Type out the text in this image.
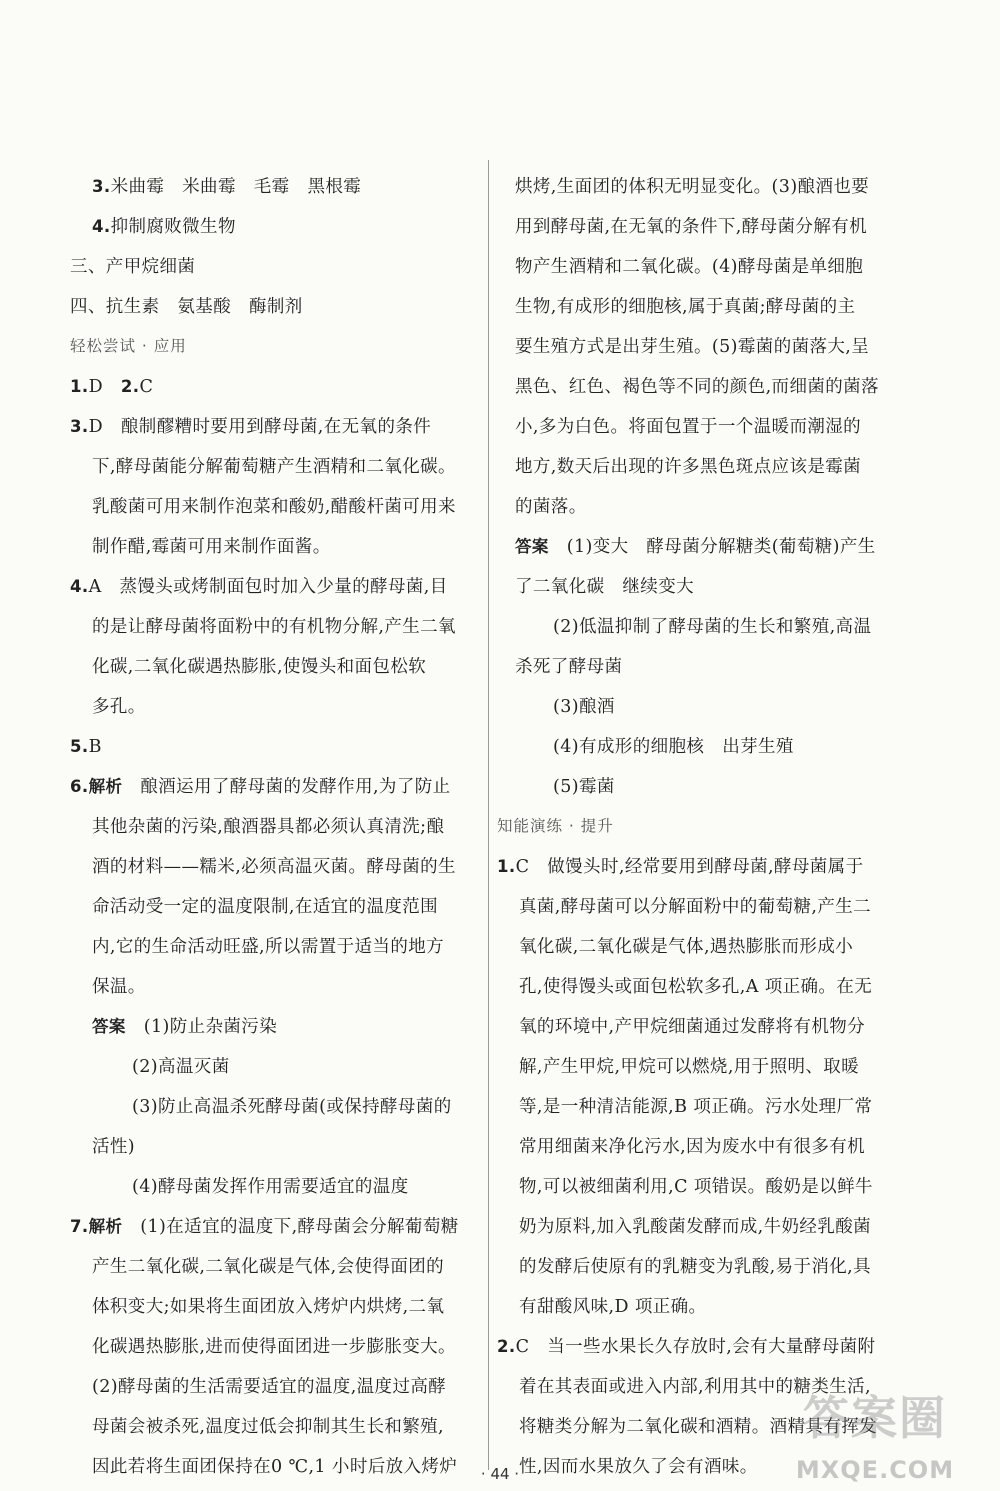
3.米曲霉　米曲霉　毛霉　黑根霉
4.抑制腐败微生物
三、产甲烷细菌
四、抗生素　氨基酸　酶制剂
轻松尝试 · 应用
1.D　2.C
3.D　酿制醪糟时要用到酵母菌,在无氧的条件
下,酵母菌能分解葡萄糖产生酒精和二氧化碳。
乳酸菌可用来制作泡菜和酸奶,醋酸杆菌可用来
制作醋,霉菌可用来制作面酱。
4.A　蒸馒头或烤制面包时加入少量的酵母菌,目
的是让酵母菌将面粉中的有机物分解,产生二氧
化碳,二氧化碳遇热膨胀,使馒头和面包松软
多孔。
5.B
6.解析　酿酒运用了酵母菌的发酵作用,为了防止
其他杂菌的污染,酿酒器具都必须认真清洗;酿
酒的材料——糯米,必须高温灭菌。酵母菌的生
命活动受一定的温度限制,在适宜的温度范围
内,它的生命活动旺盛,所以需置于适当的地方
保温。
答案　(1)防止杂菌污染
(2)高温灭菌
(3)防止高温杀死酵母菌(或保持酵母菌的
活性)
(4)酵母菌发挥作用需要适宜的温度
7.解析　(1)在适宜的温度下,酵母菌会分解葡萄糖
产生二氧化碳,二氧化碳是气体,会使得面团的
体积变大;如果将生面团放入烤炉内烘烤,二氧
化碳遇热膨胀,进而使得面团进一步膨胀变大。
(2)酵母菌的生活需要适宜的温度,温度过高酵
母菌会被杀死,温度过低会抑制其生长和繁殖,
因此若将生面团保持在0 ℃,1 小时后放入烤炉
烘烤,生面团的体积无明显变化。(3)酿酒也要
用到酵母菌,在无氧的条件下,酵母菌分解有机
物产生酒精和二氧化碳。(4)酵母菌是单细胞
生物,有成形的细胞核,属于真菌;酵母菌的主
要生殖方式是出芽生殖。(5)霉菌的菌落大,呈
黑色、红色、褐色等不同的颜色,而细菌的菌落
小,多为白色。将面包置于一个温暖而潮湿的
地方,数天后出现的许多黑色斑点应该是霉菌
的菌落。
答案　(1)变大　酵母菌分解糖类(葡萄糖)产生
了二氧化碳　继续变大
(2)低温抑制了酵母菌的生长和繁殖,高温
杀死了酵母菌
(3)酿酒
(4)有成形的细胞核　出芽生殖
(5)霉菌
知能演练 · 提升
1.C　做馒头时,经常要用到酵母菌,酵母菌属于
真菌,酵母菌可以分解面粉中的葡萄糖,产生二
氧化碳,二氧化碳是气体,遇热膨胀而形成小
孔,使得馒头或面包松软多孔,A 项正确。在无
氧的环境中,产甲烷细菌通过发酵将有机物分
解,产生甲烷,甲烷可以燃烧,用于照明、取暖
等,是一种清洁能源,B 项正确。污水处理厂常
常用细菌来净化污水,因为废水中有很多有机
物,可以被细菌利用,C 项错误。酸奶是以鲜牛
奶为原料,加入乳酸菌发酵而成,牛奶经乳酸菌
的发酵后使原有的乳糖变为乳酸,易于消化,具
有甜酸风味,D 项正确。
2.C　当一些水果长久存放时,会有大量酵母菌附
着在其表面或进入内部,利用其中的糖类生活,
将糖类分解为二氧化碳和酒精。酒精具有挥发
性,因而水果放久了会有酒味。
· 44 ·
答案圈
MXQE.COM
